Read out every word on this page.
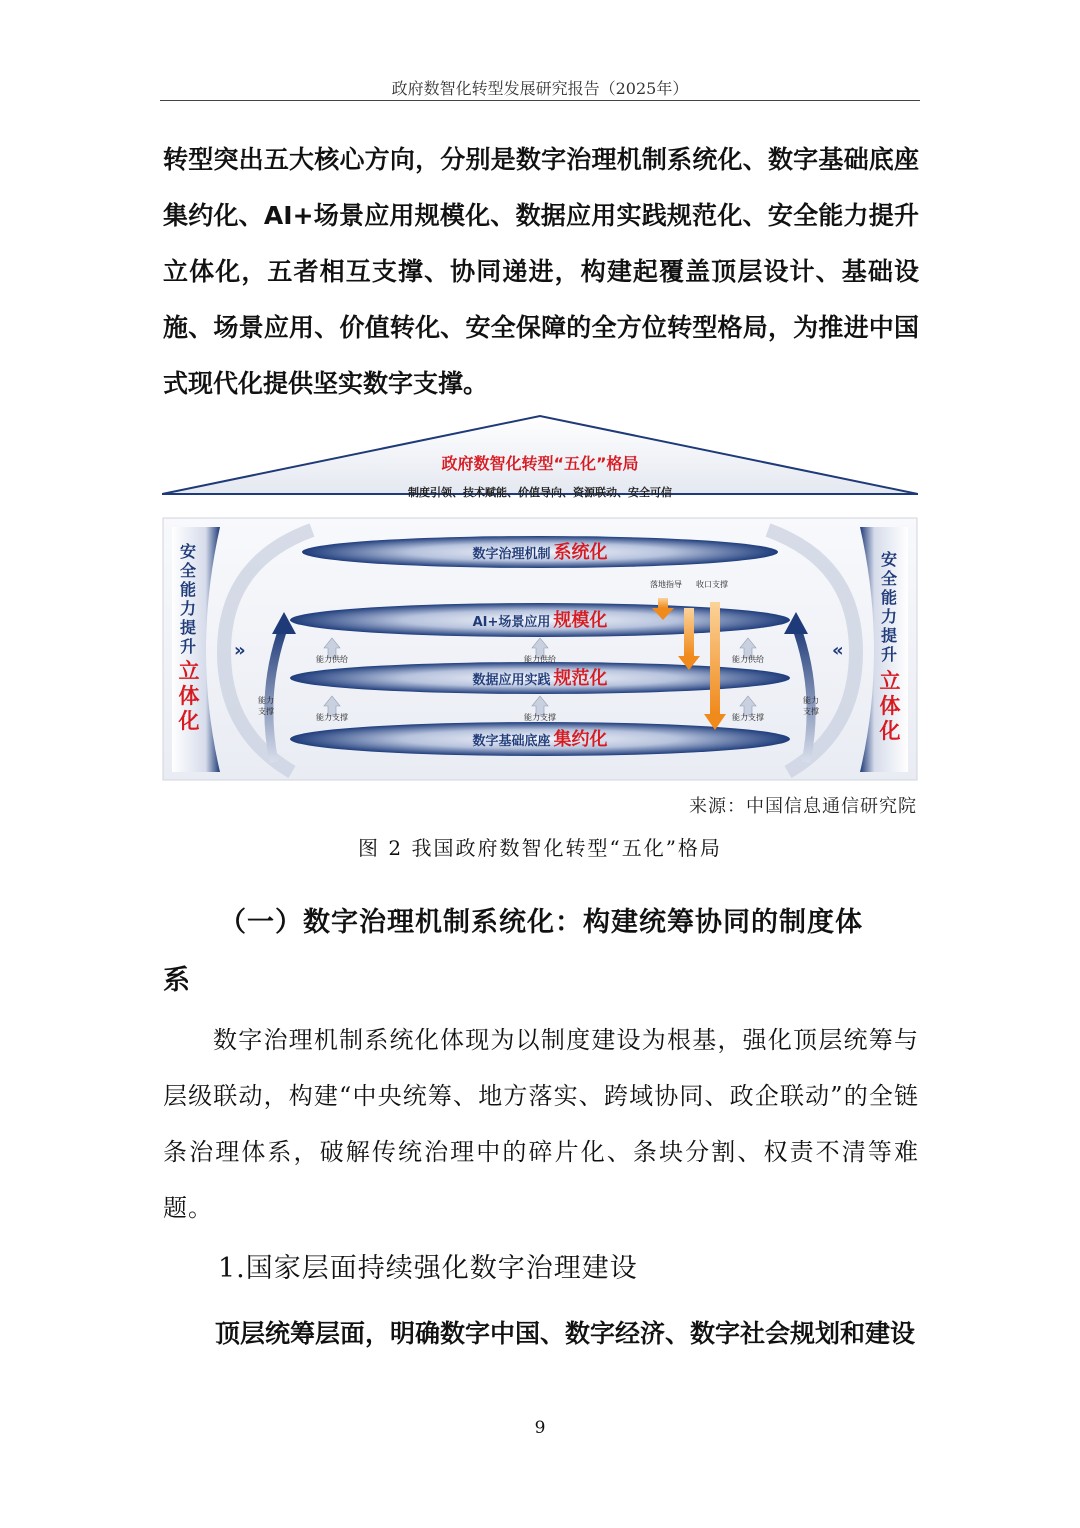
政府数智化转型发展研究报告（2025年）

转型突出五大核心方向，分别是数字治理机制系统化、数字基础底座集约化、AI+场景应用规模化、数据应用实践规范化、安全能力提升立体化，五者相互支撑、协同递进，构建起覆盖顶层设计、基础设施、场景应用、价值转化、安全保障的全方位转型格局，为推进中国式现代化提供坚实数字支撑。

政府数智化转型“五化”格局
制度引领、技术赋能、价值导向、资源联动、安全可信
安
全
能
力
提
升
立
体
化
安
全
能
力
提
升
立
体
化
»	«
数字治理机制 系统化
AI+场景应用 规模化
数据应用实践 规范化
数字基础底座 集约化
落地指导 收口支撑
能力供给	能力供给	能力供给
能力支撑	能力支撑	能力支撑
能力
支撑
能力
支撑
来源：中国信息通信研究院
图 2 我国政府数智化转型“五化”格局
（一）数字治理机制系统化：构建统筹协同的制度体
系

数字治理机制系统化体现为以制度建设为根基，强化顶层统筹与层级联动，构建“中央统筹、地方落实、跨域协同、政企联动”的全链条治理体系，破解传统治理中的碎片化、条块分割、权责不清等难题。

1.国家层面持续强化数字治理建设

顶层统筹层面，明确数字中国、数字经济、数字社会规划和建设

9
